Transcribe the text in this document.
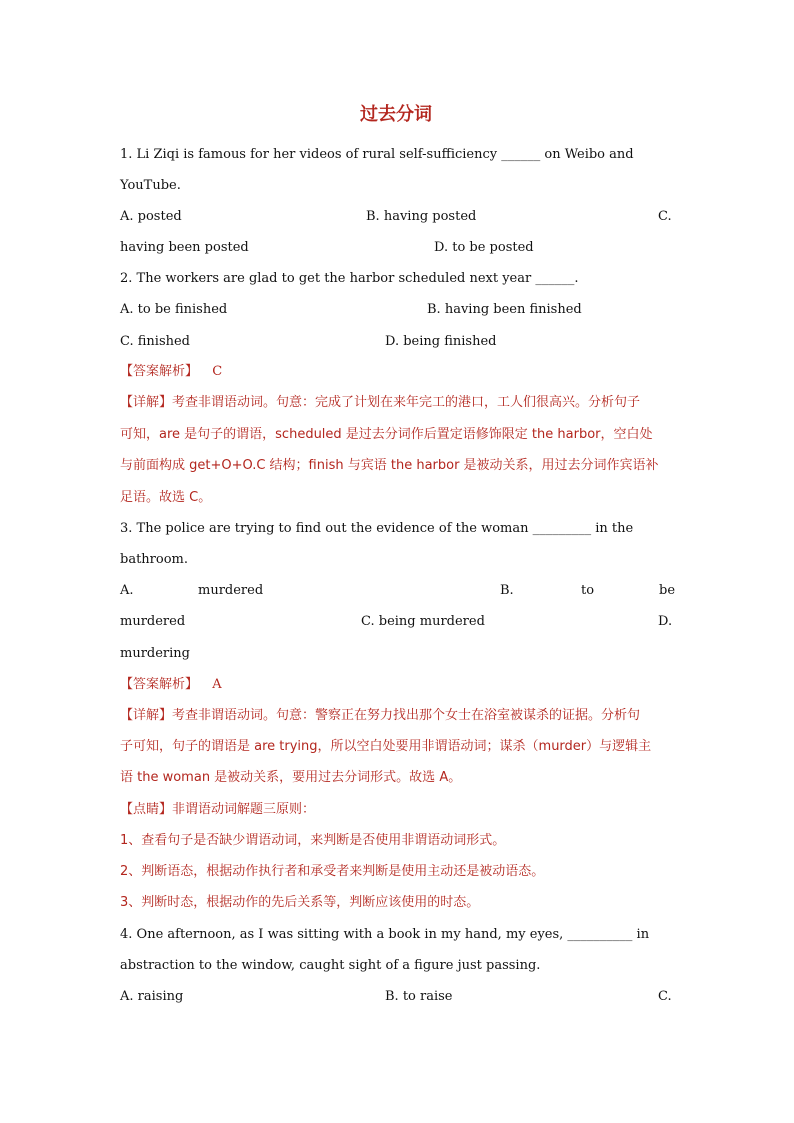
过去分词
1. Li Ziqi is famous for her videos of rural self-sufficiency ______ on Weibo and
YouTube.
A. posted	B. having posted	C.
having been posted	D. to be posted
2. The workers are glad to get the harbor scheduled next year ______.
A. to be finished	B. having been finished
C. finished	D. being finished
【答案解析】 C
【详解】考查非谓语动词。句意：完成了计划在来年完工的港口，工人们很高兴。分析句子
可知，are 是句子的谓语，scheduled 是过去分词作后置定语修饰限定 the harbor，空白处
与前面构成 get+O+O.C 结构；finish 与宾语 the harbor 是被动关系，用过去分词作宾语补
足语。故选 C。
3. The police are trying to find out the evidence of the woman _________ in the
bathroom.
A.	murdered	B.	to	be
murdered	C. being murdered	D.
murdering
【答案解析】 A
【详解】考查非谓语动词。句意：警察正在努力找出那个女士在浴室被谋杀的证据。分析句
子可知，句子的谓语是 are trying，所以空白处要用非谓语动词；谋杀（murder）与逻辑主
语 the woman 是被动关系，要用过去分词形式。故选 A。
【点睛】非谓语动词解题三原则：
1、查看句子是否缺少谓语动词，来判断是否使用非谓语动词形式。
2、判断语态，根据动作执行者和承受者来判断是使用主动还是被动语态。
3、判断时态，根据动作的先后关系等，判断应该使用的时态。
4. One afternoon, as I was sitting with a book in my hand, my eyes, __________ in
abstraction to the window, caught sight of a figure just passing.
A. raising	B. to raise	C.
